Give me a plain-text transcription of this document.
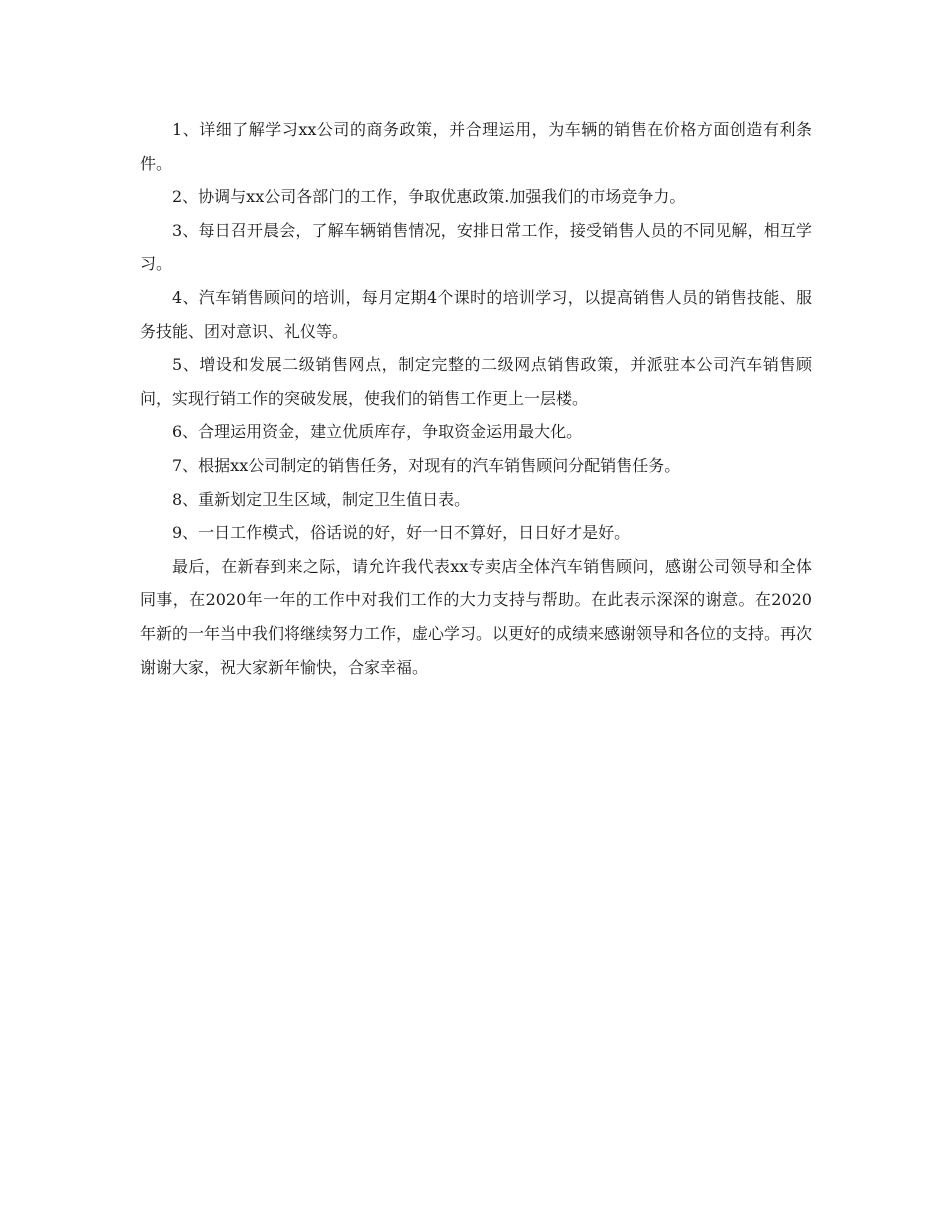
1、详细了解学习xx公司的商务政策，并合理运用，为车辆的销售在价格方面创造有利条件。

2、协调与xx公司各部门的工作，争取优惠政策.加强我们的市场竞争力。

3、每日召开晨会，了解车辆销售情况，安排日常工作，接受销售人员的不同见解，相互学习。

4、汽车销售顾问的培训，每月定期4个课时的培训学习，以提高销售人员的销售技能、服务技能、团对意识、礼仪等。

5、增设和发展二级销售网点，制定完整的二级网点销售政策，并派驻本公司汽车销售顾问，实现行销工作的突破发展，使我们的销售工作更上一层楼。

6、合理运用资金，建立优质库存，争取资金运用最大化。

7、根据xx公司制定的销售任务，对现有的汽车销售顾问分配销售任务。

8、重新划定卫生区域，制定卫生值日表。

9、一日工作模式，俗话说的好，好一日不算好，日日好才是好。

最后，在新春到来之际，请允许我代表xx专卖店全体汽车销售顾问，感谢公司领导和全体同事，在2020年一年的工作中对我们工作的大力支持与帮助。在此表示深深的谢意。在2020年新的一年当中我们将继续努力工作，虚心学习。以更好的成绩来感谢领导和各位的支持。再次谢谢大家，祝大家新年愉快，合家幸福。
